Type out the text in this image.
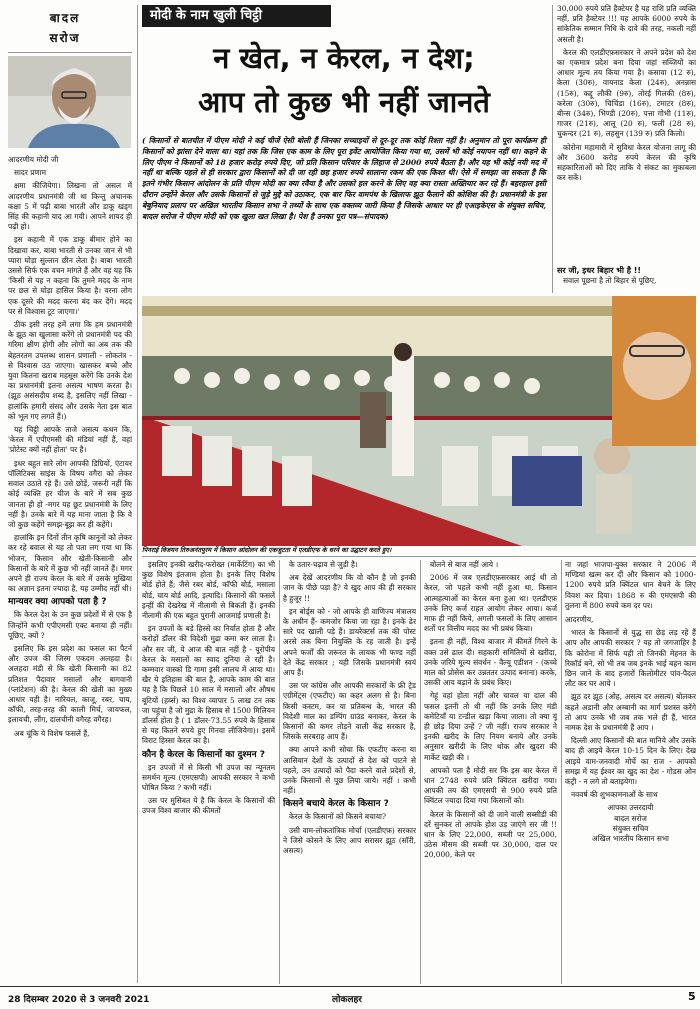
बादल
सरोज

आदरणीय मोदी जी

सादर प्रणाम

क्षमा कीजियेगा। लिखना तो असल में आदरणीय प्रधानमंत्री जी था किन्तु अचानक कक्षा 5 में पढ़ी बाबा भारती और डाकू खड्ग सिंह की कहानी याद आ गयी। आपने शायद ही पढ़ी हो।

इस कहानी में एक डाकू बीमार होने का दिखावा कर, बाबा भारती से उनका जान से भी प्यारा घोड़ा सुल्तान छीन लेता है। बाबा भारती उससे सिर्फ एक वचन मांगते हैं और वह यह कि 'किसी से यह न कहना कि तुमने मदद के नाम पर छल से घोड़ा हासिल किया है। वरना लोग एक दूसरे की मदद करना बंद कर देंगे। मदद पर से विश्वास टूट जाएगा।'

ठीक इसी तरह हमें लगा कि हम प्रधानमंत्री के झूठ का खुलासा करेंगे तो प्रधानमंत्री पद की गरिमा क्षीण होगी और लोगों का अब तक की बेहतरतम उपलब्ध शासन प्रणाली - लोकतंत्र - से विश्वास उठ जाएगा। खासकर बच्चे और युवा कितना खराब महसूस करेंगे कि उनके देश का प्रधानमंत्री इतना असत्य भाषण करता है। (झूठ असंसदीय शब्द है, इसलिए नहीं लिखा - हालांकि हमारी संसद और उसके नेता इस बात को भूल गए लगते हैं।)

यह चिट्ठी आपके ताजे असत्य कथन कि, 'केरल में एपीएमसी की मंडियां नहीं हैं, वहां 'प्रोटेस्ट क्यों नहीं होता' पर है।

इधर बहुत सारे लोग आपकी डिग्रियों, एंटायर पॉलिटिक्स साइंस के विषय वगैरा को लेकर सवाल उठाते रहे हैं। उसे छोड़ें, जरूरी नहीं कि कोई व्यक्ति हर चीज के बारे में सब कुछ जानता ही हो -मगर यह छूट प्रधानमंत्री के लिए नहीं है। उनके बारे में यह माना जाता है कि वे जो कुछ कहेंगे समझ-बूझ कर ही कहेंगे।

हालांकि इन दिनों तीन कृषि कानूनों को लेकर कर रहे बवाल से यह तो पता लग गया था कि भोजन, किसान और खेती-किसानी और किसानों के बारे में कुछ भी नहीं जानते हैं। मगर अपने ही राज्य केरल के बारे में उसके मुखिया का अज्ञान इतना ज्यादा है, यह उम्मीद नहीं थी।

मान्यवर क्या आपको पता है ?

कि केरल देश के उन कुछ प्रदेशों में से एक है जिन्होंने कभी एपीएमसी एक्ट बनाया ही नहीं। पूछिए, क्यों ?

इसलिए कि इस प्रदेश का फसल का पैटर्न और उपज की जिस्म एकदम अलहदा है। अलहदा मंडी से कि खेती किसानी का 82 प्रतिशत पैदावार मसालों और बागवानी (प्लांटेशन) की है। केरल की खेती का मुख्य आधार यही है। नारियल, काजू, रबर, चाय, कॉफी, तरह-तरह की काली मिर्च, जायफल, इलायची, लौंग, दालचीनी वगैरह वगैरह।

अब चूंकि ये विशेष फसलें हैं,

मोदी के नाम खुली चिट्ठी
न खेत, न केरल, न देश;
आप तो कुछ भी नहीं जानते
( किसानों से बातचीत में पीएम मोदी ने कई चीजें ऐसी बोली हैं जिनका सच्चाइयों से दूर-दूर तक कोई रिश्ता नहीं है। अनुमान तो पूरा कार्यक्रम ही किसानों को झांसा देने वाला था। यहां तक कि जिस एक काम के लिए पूरा इवेंट आयोजित किया गया था, उसमें भी कोई नयापन नहीं था। कहने के लिए पीएम ने किसानों को 18 हजार करोड़ रुपये दिए, जो प्रति किसान परिवार के लिहाज से 2000 रुपये बैठता है। और यह भी कोई नयी मद में नहीं था बल्कि पहले से ही सरकार द्वारा किसानों को दी जा रही छह हजार रुपये सालाना रकम की एक किश्त थी। ऐसे में समझा जा सकता है कि इतने गंभीर किसान आंदोलन के प्रति पीएम मोदी का क्या रवैया है और उसको हल करने के लिए वह क्या रास्ता अख्तियार कर रहे हैं। बहरहाल इसी दौरान उन्होंने केरल और उसके किसानों से जुड़े मुद्दे को उठाकर, एक बार फिर वामपंथ के खिलाफ झूठ फैलाने की कोशिश की है। प्रधानमंत्री के इस बेबुनियाद प्रलाप पर अखिल भारतीय किसान सभा ने तथ्यों के साथ एक वक्तव्य जारी किया है जिसके आधार पर ही एआइकेएस के संयुक्त सचिव, बादल सरोज ने पीएम मोदी को एक खुला खत लिखा है। पेश है उनका पूरा पत्र—संपादक)

30,000 रुपये प्रति हैक्टेयर है यह राशि प्रति व्यक्ति नहीं, प्रति हैक्टेयर !!! यह आपके 6000 रुपये के सांकेतिक सम्मान निधि के दावे की तरह, नकली नहीं असली है।

केरल की एलडीएफ़सरकार ने अपने प्रदेश को देश का एकमात्र प्रदेश बना दिया जहां सब्जियों का आधार मूल्य तय किया गया है। कसावा (12 रु), केला (30रु), वायनाड केला (24रु), अनन्नास (15रु), कद्दू लौकी (9रु), तोरई गिलकी (8रु), करेला (30रु), चिचिंडा (16रु), टमाटर (8रु), बीन्स (34रु), भिण्डी (20रु), पत्ता गोभी (11रु), गाजर (21रु), आलू (20 रु), फली (28 रु), चुकन्दर (21 रु), लहसुन (139 रु) प्रति किलो।

कोरोना महामारी में सुविधा केरल योजना लागू की और 3600 करोड़ रुपये केरल की कृषि सहकारिताओं को दिए ताकि वे संकट का मुकाबला कर सकें।

सर जी, इधर बिहार भी है !!

सवाल पूछना है तो बिहार से पूछिए,

पिनराई विजयन तिरुअनंतपुरम में किसान आंदोलन की एकजुटता में एलडीएफ के धरने का उद्घाटन करते हुए।

इसलिए इनकी खरीद-फरोख्त (मार्केटिंग) का भी कुछ विशेष इंतजाम होता है। इनके लिए विशेष बोर्ड होते हैं; जैसे रबर बोर्ड, कॉफी बोर्ड, मसाला बोर्ड, चाय बोर्ड आदि, इत्यादि। किसानों की फसलें इन्हीं की देखरेख में नीलामी से बिकती हैं। इनकी नीलामी की एक बहुत पुरानी आजमाई प्रणाली है।

इन उपजों के बड़े हिस्से का निर्यात होता है और करोड़ों डॉलर की विदेशी मुद्रा कमा कर लाता है। और सर जी, ये आज की बात नहीं है - यूरोपीय केरल के मसालों का स्वाद दुनिया ले रही है। कम्मवार वास्को डि गामा इसी लालच में आया था। खैर ये इतिहास की बात है, आपके काम की बात यह है कि पिछले 10 साल में मसालों और औषध बूटियों (हर्ब्स) का विश्व व्यापार 5 लाख टन तक जा पहुंचा है जो मुद्रा के हिसाब से 1500 मिलियन डॉलर्स होता है ( 1 डॉलर-73.55 रुपये के हिसाब से यह कितने रुपये हुए गिनवा लीजियेगा)। इसमें विराट हिस्सा केरल का है।

कौन है केरल के किसानों का दुश्मन ?

इन उपजों में से किसी भी उपज का न्यूनतम समर्थन मूल्य (एमएसपी) आपकी सरकार ने कभी घोषित किया ? कभी नहीं।

उस पर मुसिबत ये है कि केरल के किसानों की उपज विश्व बाजार की कीमतों

के उतार-चढ़ाव से जुड़ी है।

अब देखें आदरणीय कि वो कौन है जो इनकी जान के पीछे पड़ा है? ये खुद आप की ही सरकार है हुजूर !!

इन बोर्ड्स को - जो आपके ही वाणिज्य मंत्रालय के अधीन हैं- कमजोर किया जा रहा है। इनके ढेर सारे पद खाली पड़े हैं। डायरेक्टर्स तक की पोस्ट अरसे तक बिना नियुक्ति के रह जाती है। इन्हें अपने फर्जों की जरूरत के लायक भी फण्ड नहीं देते केंद्र सरकार ; यही जिसके प्रधानमंत्री स्वयं आप हैं।

उस पर कांग्रेस और आपकी सरकारों के फ्री ट्रेड एग्रीमेंट्स (एफटीए) का कहर अलग से है। बिना किसी कस्टम, कर या प्रतिबन्ध के, भारत की विदेशी माल का डम्पिंग ग्राउंड बनाकर, केरल के किसानों की कमर तोड़ने वाली केंद्र सरकार है, जिसके सरबराह आप हैं।

क्या आपने कभी सोचा कि एफटीए करना या आसियान देशों के उत्पादों से देश को पाटने से पहले, उन उत्पादों को पैदा करने वाले प्रदेशों से, उनके किसानों से पूछ लिया जाये। नहीं । कभी नहीं।

किसने बचाये केरल के किसान ?

केरल के किसानों को किसने बचाया?

उसी वाम-लोकतांत्रिक मोर्चा (एलडीएफ़) सरकार ने जिसे कोसने के लिए आप सरासर झूठ (सॉरी, असत्य)

बोलने से बाज नहीं आये ।

2006 में जब एलडीएफ़सरकार आई थी तो केरल, जो पहले कभी नहीं हुआ था, किसान आत्महत्याओं का केरल बना हुआ था। एलडीएफ़ उनके लिए कर्ज राहत आयोग लेकर आया। कर्ज माफ़ ही नहीं किये, अगली फसलों के लिए आसान शर्तों पर वित्तीय मदद का भी प्रबंध किया।

इतना ही नहीं, विश्व बाजार में कीमतें गिरने के वक्त उसे ढाल दी। सहकारी समितियों से खरीदा, उनके जरिये मूल्य संवर्धन - वैल्यू एडीशन - (कच्चे माल को प्रोसेस कर उन्नततर उत्पाद बनाना) करके, उसकी आय बढ़ाने के प्रबंध किए।

गेहूं वहां होता नहीं और चावल या दाल की फसल इतनी तो थी नहीं कि उनके लिए मंडी कमेटियाँ या टन्डील खड़ा किया जाता। तो क्या यूं ही छोड़ दिया उन्हें ? जी नहीं। राज्य सरकार ने इनकी खरीद के लिए नियम बनाये और उनके अनुसार खरीदी के लिए थोक और खुदरा की मार्केट खड़ी की ।

आपको पता है मोदी सर कि इस बार केरल में धान 2748 रुपये प्रति क्विंटल खरीदा गया। आपकी तय की एमएसपी से 900 रुपये प्रति क्विंटल ज्यादा दिया गया किसानों को।

केरल के किसानों को दी जाने वाली सब्सीडी की दरें सुनकर तो आपके होश उड़ जाएंगे सर जी !! धान के लिए 22,000, सब्जी पर 25,000, उठेस मौसम की सब्जी पर 30,000, दाल पर 20,000, केले पर

ना जहां भाजपा-युक्त सरकार ने 2006 में मण्डियां खत्म कर दीं और किसान को 1000-1200 रुपये प्रति क्विंटल धान बेचने के लिए विवश कर दिया। 1868 रु की एमएसपी की तुलना में 800 रुपये कम दर पर।

आदरणीय,

भारत के किसानों से युद्ध सा छेड़ लड़ रहे हैं आप और आपकी सरकार ? यह तो जगजाहिर है कि कोरोना में सिर्फ यही तो जिनकी मेहनत के रिकॉर्ड बने, सो भी तब जब इनके भाई बहन काम छिन जाने के बाद हजारों किलोमीटर पांव-पैदल लौट कर घर आये ।

झूठ दर झूठ (ओह, असत्य दर असत्य) बोलकर कहते अडानी और अम्बानी का मार्ग प्रशस्त करेंगे तो आप उनके भी जब तक भले ही हैं, भारत नामक देश के प्रधानमंत्री हैं आप ।

दिल्ली आए किसानों की बात मानिये और उसके बाद ही आइये केरल 10-15 दिन के लिए। देख आइये वाम-जनवादी मोर्चे का राज - आपको समझ में यह ईश्वर का खुद का देश - गोडस ओन कंट्री - न लगे तो बताइयेगा।

नववर्ष की शुभकामनाओं के साथ

आपका उत्तरदायी
बादल सरोज
संयुक्त सचिव
अखिल भारतीय किसान सभा
28 दिसम्बर 2020 से 3 जनवरी 2021	लोकलहर	5
